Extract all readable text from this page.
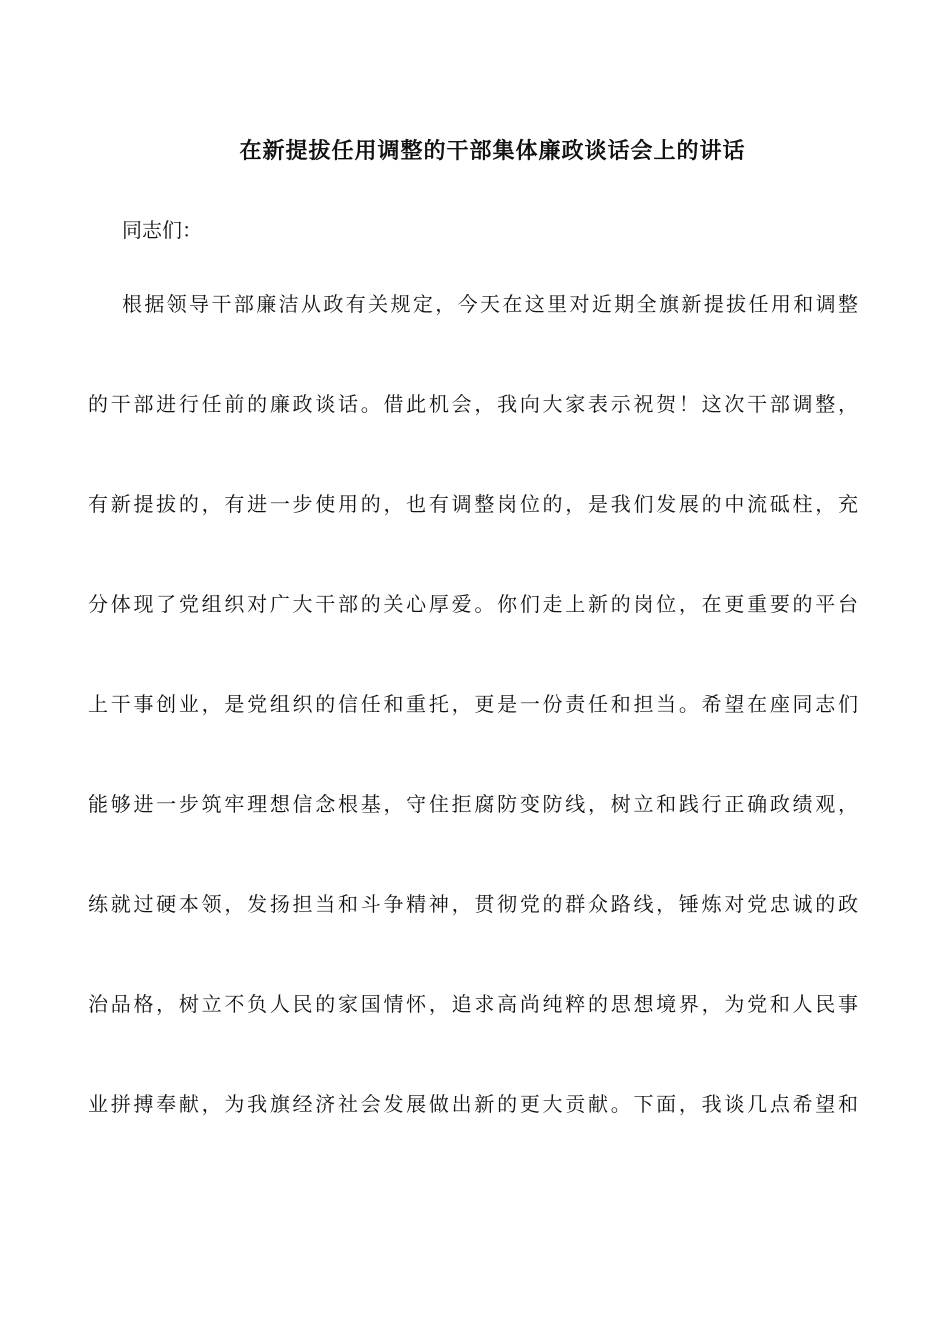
在新提拔任用调整的干部集体廉政谈话会上的讲话
同志们：
根据领导干部廉洁从政有关规定，今天在这里对近期全旗新提拔任用和调整
的干部进行任前的廉政谈话。借此机会，我向大家表示祝贺！这次干部调整，
有新提拔的，有进一步使用的，也有调整岗位的，是我们发展的中流砥柱，充
分体现了党组织对广大干部的关心厚爱。你们走上新的岗位，在更重要的平台
上干事创业，是党组织的信任和重托，更是一份责任和担当。希望在座同志们
能够进一步筑牢理想信念根基，守住拒腐防变防线，树立和践行正确政绩观，
练就过硬本领，发扬担当和斗争精神，贯彻党的群众路线，锤炼对党忠诚的政
治品格，树立不负人民的家国情怀，追求高尚纯粹的思想境界，为党和人民事
业拼搏奉献，为我旗经济社会发展做出新的更大贡献。下面，我谈几点希望和
